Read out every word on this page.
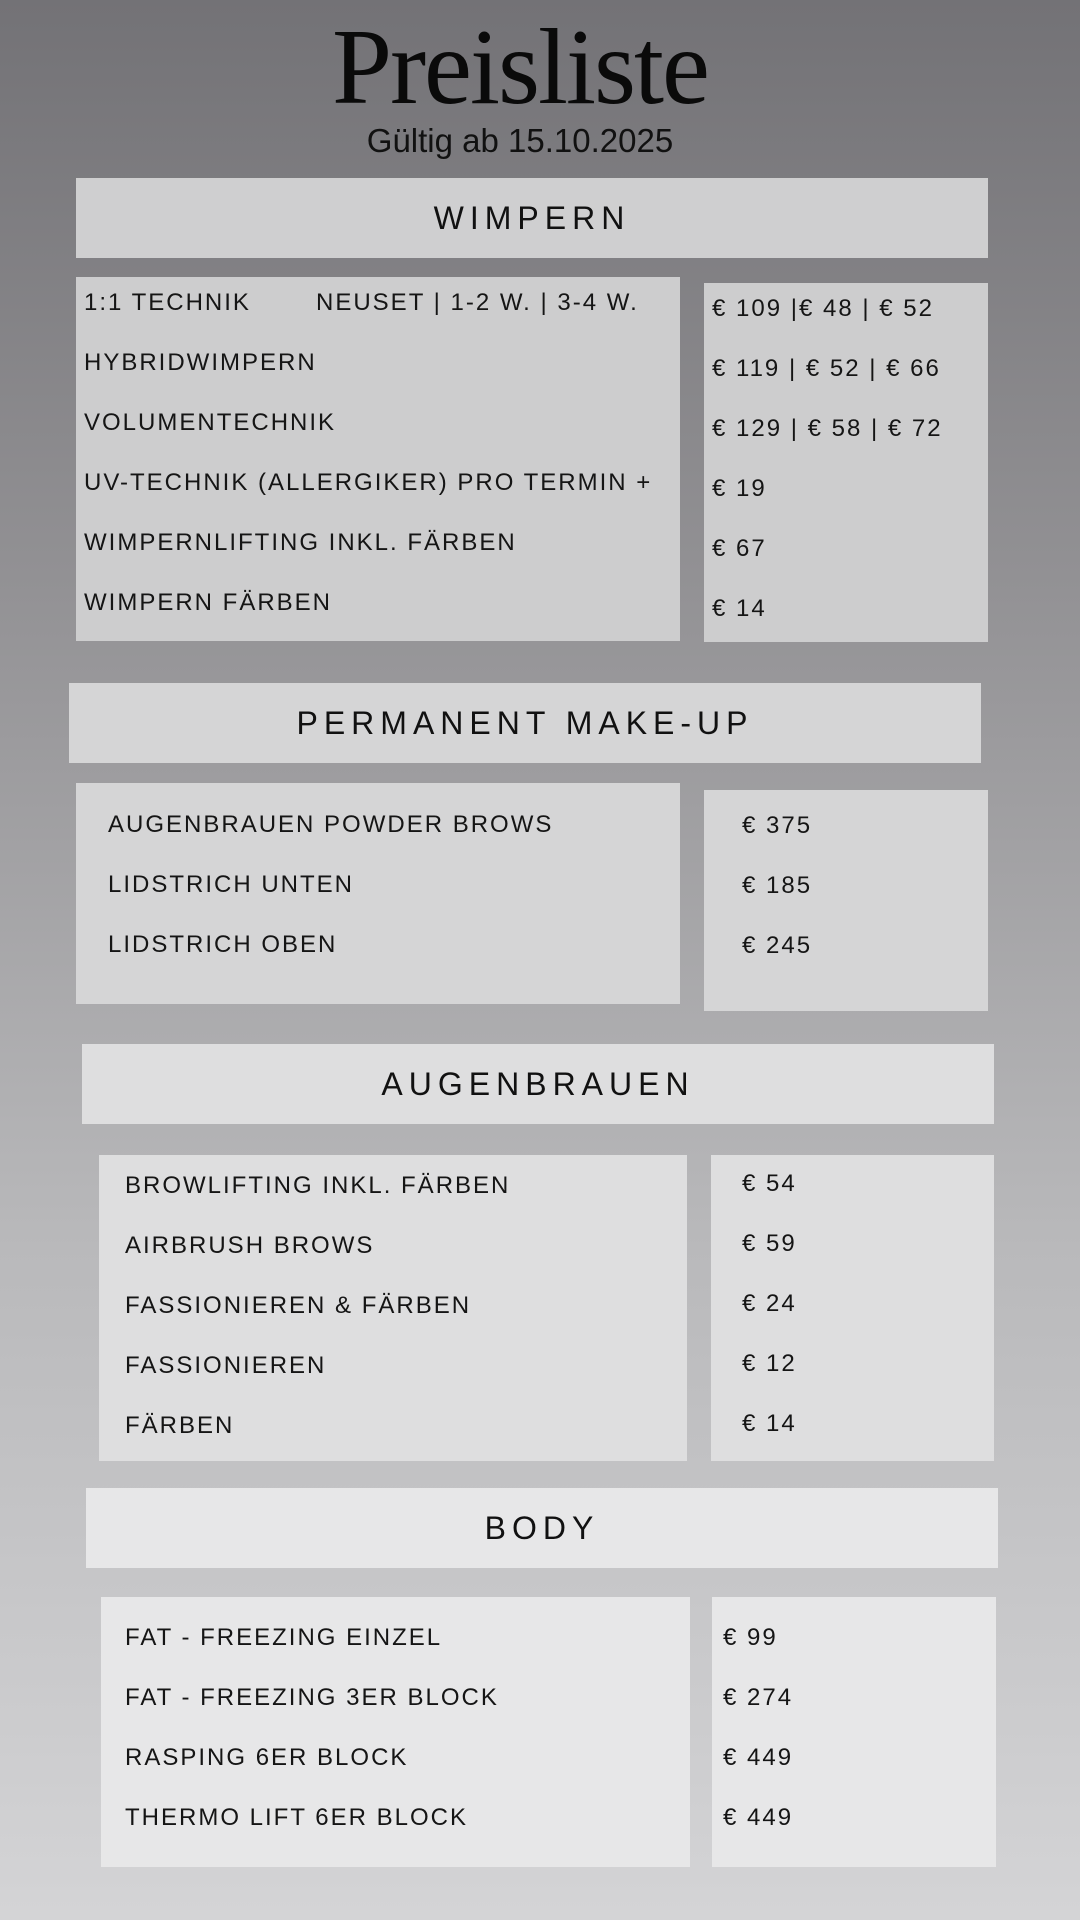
Preisliste
Gültig ab 15.10.2025
WIMPERN
1:1 TECHNIK	NEUSET | 1-2 W. | 3-4 W.
HYBRIDWIMPERN
VOLUMENTECHNIK
UV-TECHNIK (ALLERGIKER) PRO TERMIN +
WIMPERNLIFTING INKL. FÄRBEN
WIMPERN FÄRBEN
€ 109 |€ 48 | € 52
€ 119 | € 52 | € 66
€ 129 | € 58 | € 72
€ 19
€ 67
€ 14
PERMANENT MAKE-UP
AUGENBRAUEN POWDER BROWS
LIDSTRICH UNTEN
LIDSTRICH OBEN
€ 375
€ 185
€ 245
AUGENBRAUEN
BROWLIFTING INKL. FÄRBEN
AIRBRUSH BROWS
FASSIONIEREN & FÄRBEN
FASSIONIEREN
FÄRBEN
€ 54
€ 59
€ 24
€ 12
€ 14
BODY
FAT - FREEZING EINZEL
FAT - FREEZING 3ER BLOCK
RASPING 6ER BLOCK
THERMO LIFT 6ER BLOCK
€ 99
€ 274
€ 449
€ 449
